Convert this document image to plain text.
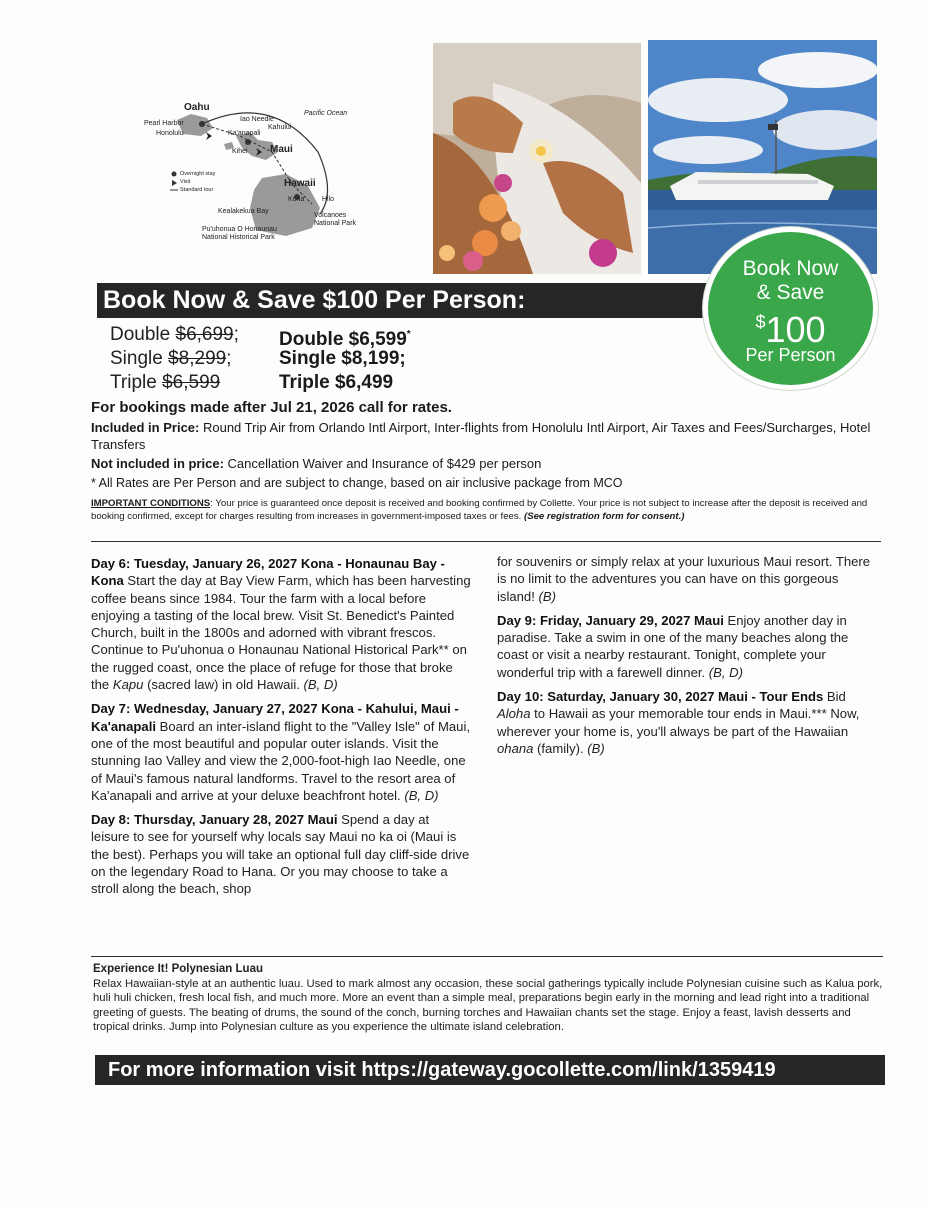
Oahu
Pearl Harbor
Honolulu
Iao Needle
Kahului
Ka'anapali
Kihei Maui
Pacific Ocean
Overnight stay
Visit
Standard tour
Hawaii
Kona	Hilo
Kealakekua Bay
Volcanoes National Park
Pu'uhonua O Honaunau National Historical Park
Book Now & Save $100 Per Person:
Book Now
& Save
$100
Per Person
Double $6,699;
Single $8,299;
Triple $6,599
Double $6,599*
Single $8,199;
Triple $6,499
For bookings made after Jul 21, 2026 call for rates.
Included in Price: Round Trip Air from Orlando Intl Airport, Inter-flights from Honolulu Intl Airport, Air Taxes and Fees/Surcharges, Hotel Transfers
Not included in price: Cancellation Waiver and Insurance of $429 per person
* All Rates are Per Person and are subject to change, based on air inclusive package from MCO
IMPORTANT CONDITIONS: Your price is guaranteed once deposit is received and booking confirmed by Collette. Your price is not subject to increase after the deposit is received and booking confirmed, except for charges resulting from increases in government-imposed taxes or fees. (See registration form for consent.)

Day 6: Tuesday, January 26, 2027 Kona - Honaunau Bay - Kona Start the day at Bay View Farm, which has been harvesting coffee beans since 1984. Tour the farm with a local before enjoying a tasting of the local brew. Visit St. Benedict's Painted Church, built in the 1800s and adorned with vibrant frescos. Continue to Pu'uhonua o Honaunau National Historical Park** on the rugged coast, once the place of refuge for those that broke the Kapu (sacred law) in old Hawaii. (B, D)

Day 7: Wednesday, January 27, 2027 Kona - Kahului, Maui - Ka'anapali Board an inter-island flight to the "Valley Isle" of Maui, one of the most beautiful and popular outer islands. Visit the stunning Iao Valley and view the 2,000-foot-high Iao Needle, one of Maui's famous natural landforms. Travel to the resort area of Ka'anapali and arrive at your deluxe beachfront hotel. (B, D)

Day 8: Thursday, January 28, 2027 Maui Spend a day at leisure to see for yourself why locals say Maui no ka oi (Maui is the best). Perhaps you will take an optional full day cliff-side drive on the legendary Road to Hana. Or you may choose to take a stroll along the beach, shop

for souvenirs or simply relax at your luxurious Maui resort. There is no limit to the adventures you can have on this gorgeous island! (B)

Day 9: Friday, January 29, 2027 Maui Enjoy another day in paradise. Take a swim in one of the many beaches along the coast or visit a nearby restaurant. Tonight, complete your wonderful trip with a farewell dinner. (B, D)

Day 10: Saturday, January 30, 2027 Maui - Tour Ends Bid Aloha to Hawaii as your memorable tour ends in Maui.*** Now, wherever your home is, you'll always be part of the Hawaiian ohana (family). (B)

Experience It! Polynesian Luau
Relax Hawaiian-style at an authentic luau. Used to mark almost any occasion, these social gatherings typically include Polynesian cuisine such as Kalua pork, huli huli chicken, fresh local fish, and much more. More an event than a simple meal, preparations begin early in the morning and lead right into a traditional greeting of guests. The beating of drums, the sound of the conch, burning torches and Hawaiian chants set the stage. Enjoy a feast, lavish desserts and tropical drinks. Jump into Polynesian culture as you experience the ultimate island celebration.
For more information visit https://gateway.gocollette.com/link/1359419
